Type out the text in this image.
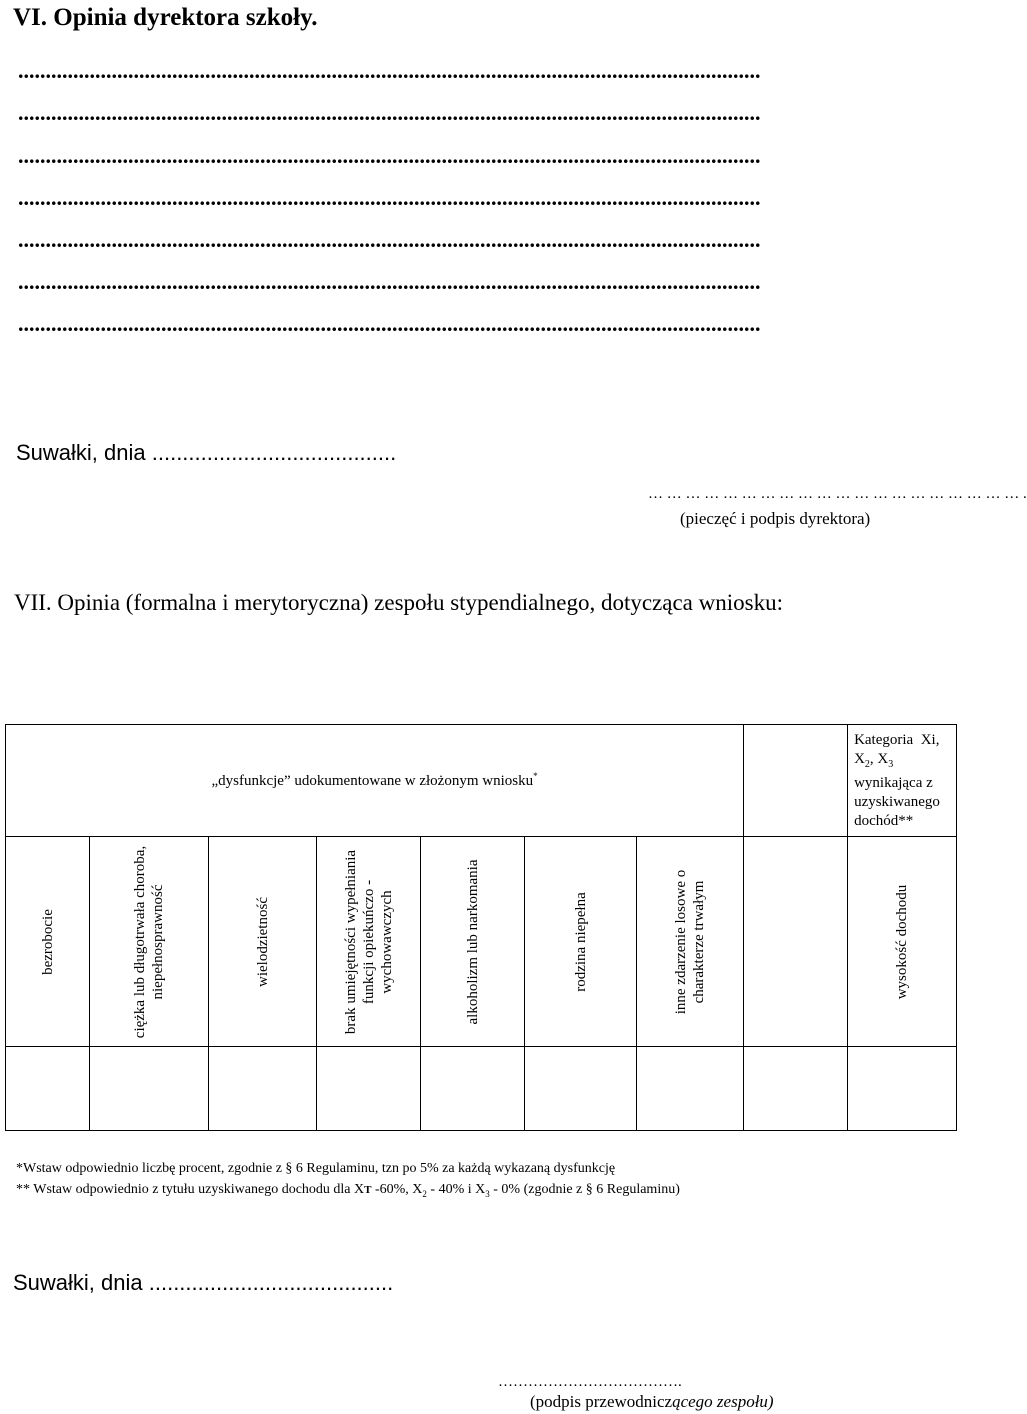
VI. Opinia dyrektora szkoły.
.......................................................................................................................................
.......................................................................................................................................
.......................................................................................................................................
.......................................................................................................................................
.......................................................................................................................................
.......................................................................................................................................
.......................................................................................................................................
Suwałki, dnia ........................................
… … … … … … … … … … … … … … … … … … … … .
(pieczęć i podpis dyrektora)
VII. Opinia (formalna i merytoryczna) zespołu stypendialnego, dotycząca wniosku:
„dysfunkcje” udokumentowane w złożonym wniosku*								Kategoria  Xi, $X_2$, $X_3$ wynikająca z uzyskiwanego dochód**

bezrobocie	ciężka lub długotrwała choroba, niepełnosprawność	wielodzietność	brak umiejętności wypełniania funkcji opiekuńczo - wychowawczych	alkoholizm lub narkomania	rodzina niepełna	inne zdarzenie losowe o charakterze trwałym		wysokość dochodu

*Wstaw odpowiednio liczbę procent, zgodnie z § 6 Regulaminu, tzn po 5% za każdą wykazaną dysfunkcję
** Wstaw odpowiednio z tytułu uzyskiwanego dochodu dla XT -60%, $X_2 - 40\%$ i $X_3 - 0\%$ (zgodnie z § 6 Regulaminu)
Suwałki, dnia ........................................
……………………………….
(podpis przewodniczącego zespołu)
